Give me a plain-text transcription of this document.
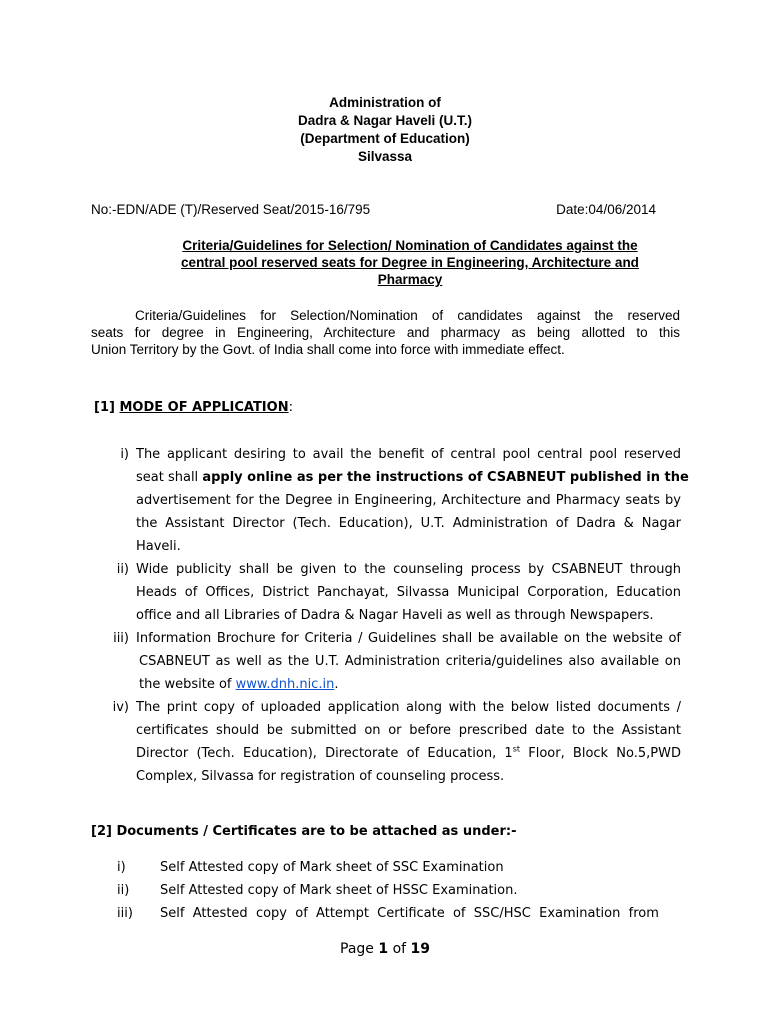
Administration of
Dadra & Nagar Haveli (U.T.)
(Department of Education)
Silvassa
No:-EDN/ADE (T)/Reserved Seat/2015-16/795	Date:04/06/2014
Criteria/Guidelines for Selection/ Nomination of Candidates against the
central pool reserved seats for Degree in Engineering, Architecture and
Pharmacy
Criteria/Guidelines for Selection/Nomination of candidates against the reserved
seats for degree in Engineering, Architecture and pharmacy as being allotted to this
Union Territory by the Govt. of India shall come into force with immediate effect.
[1] MODE OF APPLICATION:
i) The applicant desiring to avail the benefit of central pool central pool reserved
seat shall apply online as per the instructions of CSABNEUT published in the
advertisement for the Degree in Engineering, Architecture and Pharmacy seats by
the Assistant Director (Tech. Education), U.T. Administration of Dadra & Nagar
Haveli.
ii) Wide publicity shall be given to the counseling process by CSABNEUT through
Heads of Offices, District Panchayat, Silvassa Municipal Corporation, Education
office and all Libraries of Dadra & Nagar Haveli as well as through Newspapers.
iii) Information Brochure for Criteria / Guidelines shall be available on the website of
CSABNEUT as well as the U.T. Administration criteria/guidelines also available on
the website of www.dnh.nic.in.
iv) The print copy of uploaded application along with the below listed documents /
certificates should be submitted on or before prescribed date to the Assistant
Director (Tech. Education), Directorate of Education, 1st Floor, Block No.5,PWD
Complex, Silvassa for registration of counseling process.
[2] Documents / Certificates are to be attached as under:-
i)	Self Attested copy of Mark sheet of SSC Examination
ii)	Self Attested copy of Mark sheet of HSSC Examination.
iii)	Self  Attested  copy  of  Attempt  Certificate  of  SSC/HSC  Examination  from
Page 1 of 19
